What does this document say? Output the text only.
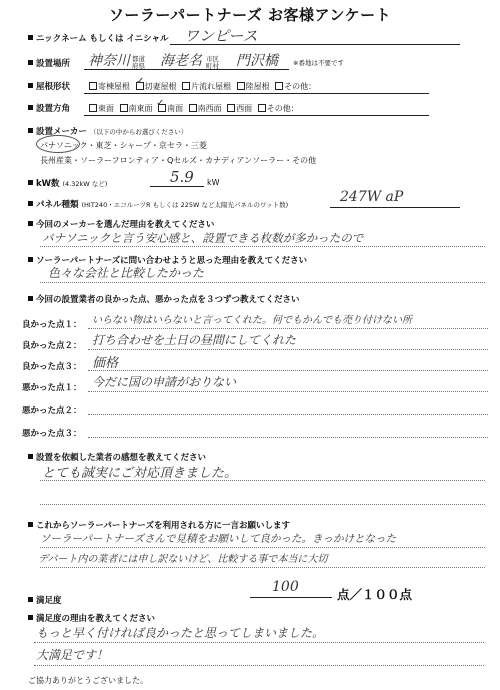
ソーラーパートナーズ お客様アンケート
ニックネーム もしくは イニシャル ワンピース
設置場所 神奈川 都道府県 海老名 市区町村 門沢橋 ※番地は不要です
屋根形状	寄棟屋根 切妻屋根 片流れ屋根 陸屋根 その他：
✓
設置方角	東面 南東面 南面 南西面 西面 その他：
✓
設置メーカー （以下の中からお選びください）
パナソニック・東芝・シャープ・京セラ・三菱
長州産業・ソーラーフロンティア・Qセルズ・カナディアンソーラー・その他
kW数 (4.32kW など)	5.9 kW
パネル種類 (HIT240・エコルーツR もしくは 225W など太陽光パネルのワット数)	247W aP
今回のメーカーを選んだ理由を教えてください
パナソニックと言う安心感と、設置できる枚数が多かったので
ソーラーパートナーズに問い合わせようと思った理由を教えてください
色々な会社と比較したかった
今回の設置業者の良かった点、悪かった点を３つずつ教えてください
良かった点１： いらない物はいらないと言ってくれた。何でもかんでも売り付けない所
良かった点２： 打ち合わせを土日の昼間にしてくれた
良かった点３： 価格
悪かった点１： 今だに国の申請がおりない
悪かった点２：
悪かった点３：
設置を依頼した業者の感想を教えてください
とても誠実にご対応頂きました。
これからソーラーパートナーズを利用される方に一言お願いします
ソーラーパートナーズさんで見積をお願いして良かった。きっかけとなった
デパート内の業者には申し訳ないけど、比較する事で本当に大切
満足度
100	点／１００点
満足度の理由を教えてください
もっと早く付ければ良かったと思ってしまいました。
大満足です！
ご協力ありがとうございました。
